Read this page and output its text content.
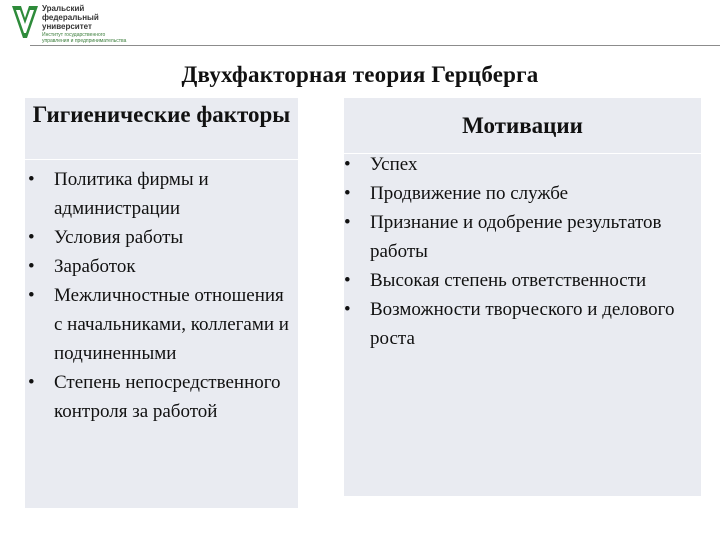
Уральский
федеральный
университет
Институт государственного
управления и предпринимательства
Двухфакторная теория Герцберга
Гигиенические факторы	Мотивации
• Политика фирмы и администрации
• Условия работы
• Заработок
• Межличностные отношения с начальниками, коллегами и подчиненными
• Степень непосредственного контроля за работой
• Успех
• Продвижение по службе
• Признание и одобрение результатов работы
• Высокая степень ответственности
• Возможности творческого и делового роста
